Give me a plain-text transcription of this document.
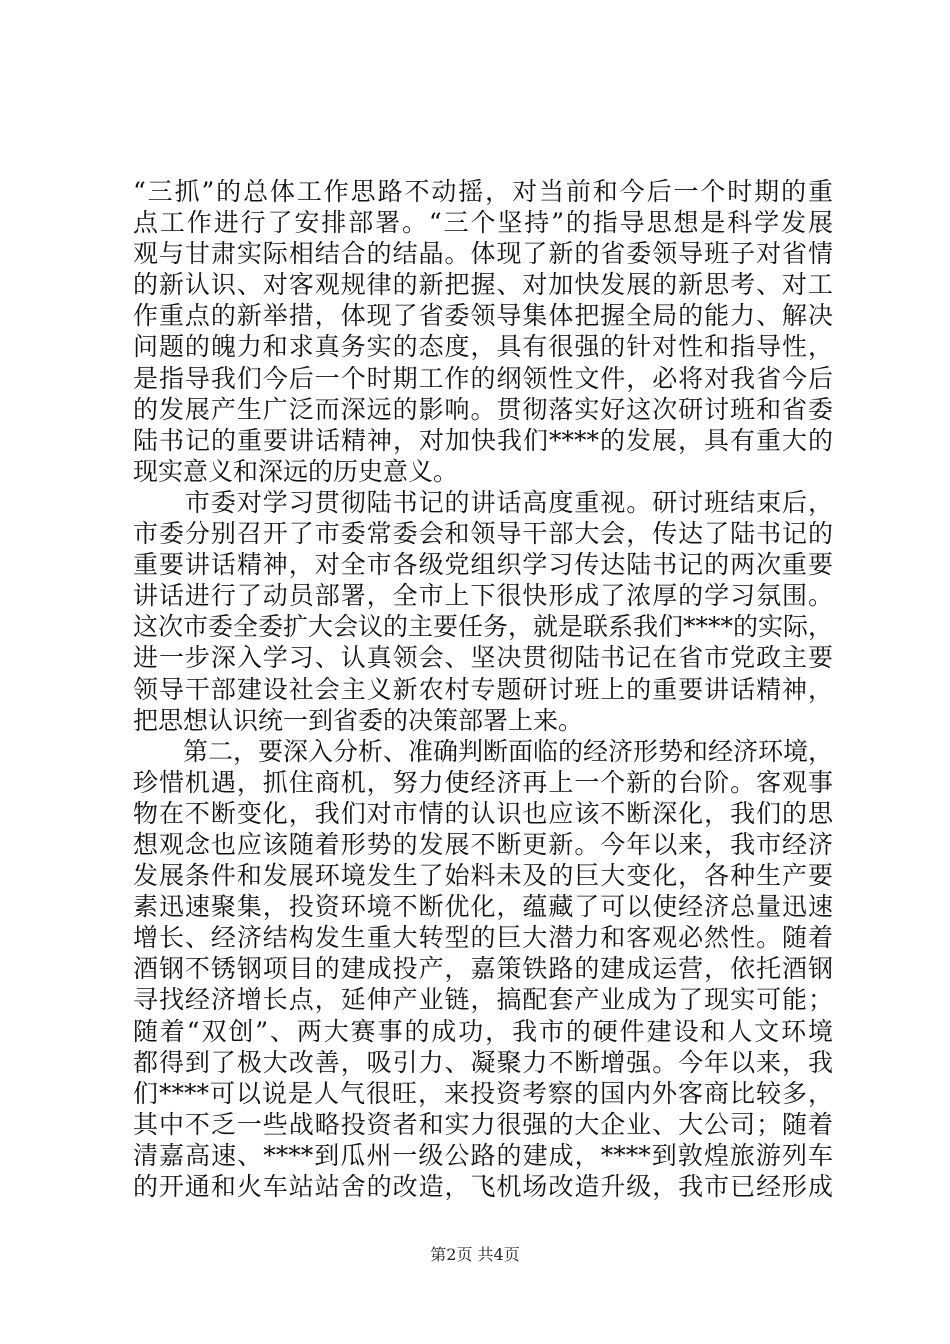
“三抓”的总体工作思路不动摇，对当前和今后一个时期的重
点工作进行了安排部署。“三个坚持”的指导思想是科学发展
观与甘肃实际相结合的结晶。体现了新的省委领导班子对省情
的新认识、对客观规律的新把握、对加快发展的新思考、对工
作重点的新举措，体现了省委领导集体把握全局的能力、解决
问题的魄力和求真务实的态度，具有很强的针对性和指导性，
是指导我们今后一个时期工作的纲领性文件，必将对我省今后
的发展产生广泛而深远的影响。贯彻落实好这次研讨班和省委
陆书记的重要讲话精神，对加快我们****的发展，具有重大的
现实意义和深远的历史意义。
　　市委对学习贯彻陆书记的讲话高度重视。研讨班结束后，
市委分别召开了市委常委会和领导干部大会，传达了陆书记的
重要讲话精神，对全市各级党组织学习传达陆书记的两次重要
讲话进行了动员部署，全市上下很快形成了浓厚的学习氛围。
这次市委全委扩大会议的主要任务，就是联系我们****的实际，
进一步深入学习、认真领会、坚决贯彻陆书记在省市党政主要
领导干部建设社会主义新农村专题研讨班上的重要讲话精神，
把思想认识统一到省委的决策部署上来。
　　第二，要深入分析、准确判断面临的经济形势和经济环境，
珍惜机遇，抓住商机，努力使经济再上一个新的台阶。客观事
物在不断变化，我们对市情的认识也应该不断深化，我们的思
想观念也应该随着形势的发展不断更新。今年以来，我市经济
发展条件和发展环境发生了始料未及的巨大变化，各种生产要
素迅速聚集，投资环境不断优化，蕴藏了可以使经济总量迅速
增长、经济结构发生重大转型的巨大潜力和客观必然性。随着
酒钢不锈钢项目的建成投产，嘉策铁路的建成运营，依托酒钢
寻找经济增长点，延伸产业链，搞配套产业成为了现实可能；
随着“双创”、两大赛事的成功，我市的硬件建设和人文环境
都得到了极大改善，吸引力、凝聚力不断增强。今年以来，我
们****可以说是人气很旺，来投资考察的国内外客商比较多，
其中不乏一些战略投资者和实力很强的大企业、大公司；随着
清嘉高速、****到瓜州一级公路的建成，****到敦煌旅游列车
的开通和火车站站舍的改造，飞机场改造升级，我市已经形成
第2页 共4页
